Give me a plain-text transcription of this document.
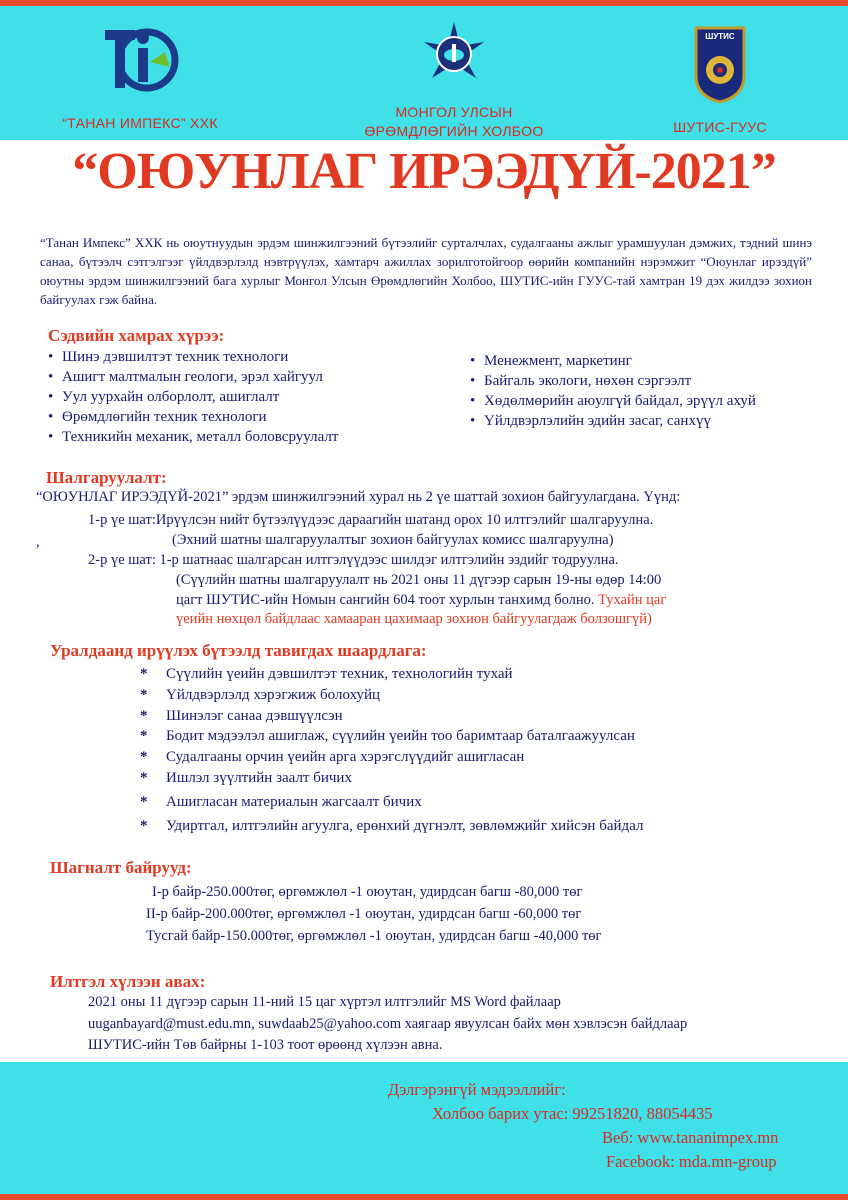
“ТАНАН ИМПЕКС” ХХК
МОНГОЛ УЛСЫН
ӨРӨМДЛӨГИЙН ХОЛБОО
ШУТИС
ШУТИС-ГУУС
“ОЮУНЛАГ ИРЭЭДҮЙ-2021”
“Танан Импекс” ХХК нь оюутнуудын эрдэм шинжилгээний бүтээлийг сурталчлах, судалгааны ажлыг урамшуулан дэмжих, тэдний шинэ санаа, бүтээлч сэтгэлгээг үйлдвэрлэлд нэвтрүүлэх, хамтарч ажиллах зорилготойгоор өөрийн компанийн нэрэмжит “Оюунлаг ирээдүй” оюутны эрдэм шинжилгээний бага хурлыг Монгол Улсын Өрөмдлөгийн Холбоо, ШУТИС-ийн ГУУС-тай хамтран 19 дэх жилдээ зохион байгуулах гэж байна.
Сэдвийн хамрах хүрээ:
• Шинэ дэвшилтэт техник технологи
• Ашигт малтмалын геологи, эрэл хайгуул
• Уул уурхайн олборлолт, ашиглалт
• Өрөмдлөгийн техник технологи
• Техникийн механик, металл боловсруулалт
• Менежмент, маркетинг
• Байгаль экологи, нөхөн сэргээлт
• Хөдөлмөрийн аюулгүй байдал, эрүүл ахуй
• Үйлдвэрлэлийн эдийн засаг, санхүү
Шалгаруулалт:
“ОЮУНЛАГ ИРЭЭДҮЙ-2021” эрдэм шинжилгээний хурал нь 2 үе шаттай зохион байгуулагдана. Үүнд:
1-р үе шат:Ирүүлсэн нийт бүтээлүүдээс дараагийн шатанд орох 10 илтгэлийг шалгаруулна.
(Эхний шатны шалгаруулалтыг зохион байгуулах комисс шалгаруулна)
,
2-р үе шат: 1-р шатнаас шалгарсан илтгэлүүдээс шилдэг илтгэлийн эздийг тодруулна.
(Сүүлийн шатны шалгаруулалт нь 2021 оны 11 дүгээр сарын 19-ны өдөр 14:00
цагт ШУТИС-ийн Номын сангийн 604 тоот хурлын танхимд болно. Тухайн цаг
үеийн нөхцөл байдлаас хамааран цахимаар зохион байгуулагдаж болзошгүй)
Уралдаанд ирүүлэх бүтээлд тавигдах шаардлага:
* Сүүлийн үеийн дэвшилтэт техник, технологийн тухай
* Үйлдвэрлэлд хэрэгжиж болохуйц
* Шинэлэг санаа дэвшүүлсэн
* Бодит мэдээлэл ашиглаж, сүүлийн үеийн тоо баримтаар баталгаажуулсан
* Судалгааны орчин үеийн арга хэрэгслүүдийг ашигласан
* Ишлэл зүүлтийн заалт бичих
* Ашигласан материалын жагсаалт бичих
* Удиртгал, илтгэлийн агуулга, ерөнхий дүгнэлт, зөвлөмжийг хийсэн байдал
Шагналт байрууд:
I-р байр-250.000төг, өргөмжлөл -1 оюутан, удирдсан багш -80,000 төг
II-р байр-200.000төг, өргөмжлөл -1 оюутан, удирдсан багш -60,000 төг
Тусгай байр-150.000төг, өргөмжлөл -1 оюутан, удирдсан багш -40,000 төг
Илтгэл хүлээн авах:
2021 оны 11 дүгээр сарын 11-ний 15 цаг хүртэл илтгэлийг MS Word файлаар
uuganbayard@must.edu.mn, suwdaab25@yahoo.com хаягаар явуулсан байх мөн хэвлэсэн байдлаар
ШУТИС-ийн Төв байрны 1-103 тоот өрөөнд хүлээн авна.
Дэлгэрэнгүй мэдээллийг:
Холбоо барих утас: 99251820, 88054435
Веб: www.tananimpex.mn
Facebook: mda.mn-group
